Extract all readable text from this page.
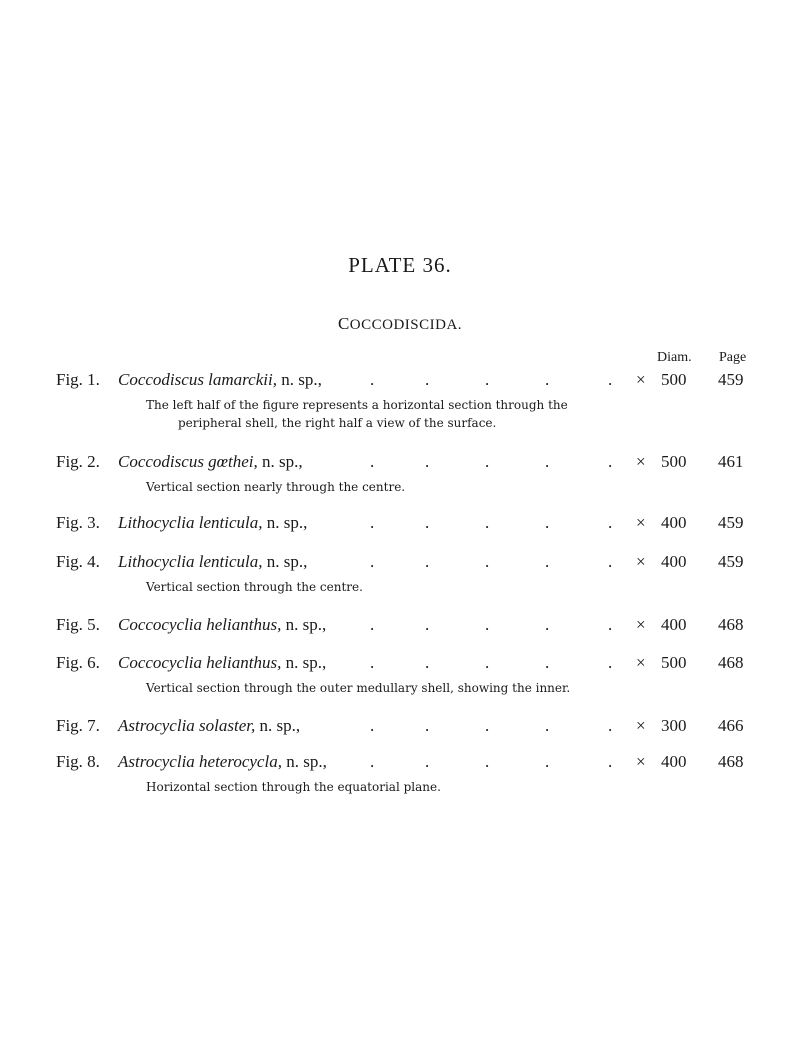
PLATE 36.
COCCODISCIDA.
Diam. Page
Fig. 1. Coccodiscus lamarckii, n. sp.,	.	.	.	.	. × 500 459
The left half of the figure represents a horizontal section through the
peripheral shell, the right half a view of the surface.
Fig. 2. Coccodiscus gœthei, n. sp.,	.	.	.	.	. × 500 461
Vertical section nearly through the centre.
Fig. 3. Lithocyclia lenticula, n. sp.,	.	.	.	.	. × 400 459
Fig. 4. Lithocyclia lenticula, n. sp.,	.	.	.	.	. × 400 459
Vertical section through the centre.
Fig. 5. Coccocyclia helianthus, n. sp.,	.	.	.	.	. × 400 468
Fig. 6. Coccocyclia helianthus, n. sp.,	.	.	.	.	. × 500 468
Vertical section through the outer medullary shell, showing the inner.
Fig. 7. Astrocyclia solaster, n. sp.,	.	.	.	.	. × 300 466
Fig. 8. Astrocyclia heterocycla, n. sp.,	.	.	.	.	. × 400 468
Horizontal section through the equatorial plane.
